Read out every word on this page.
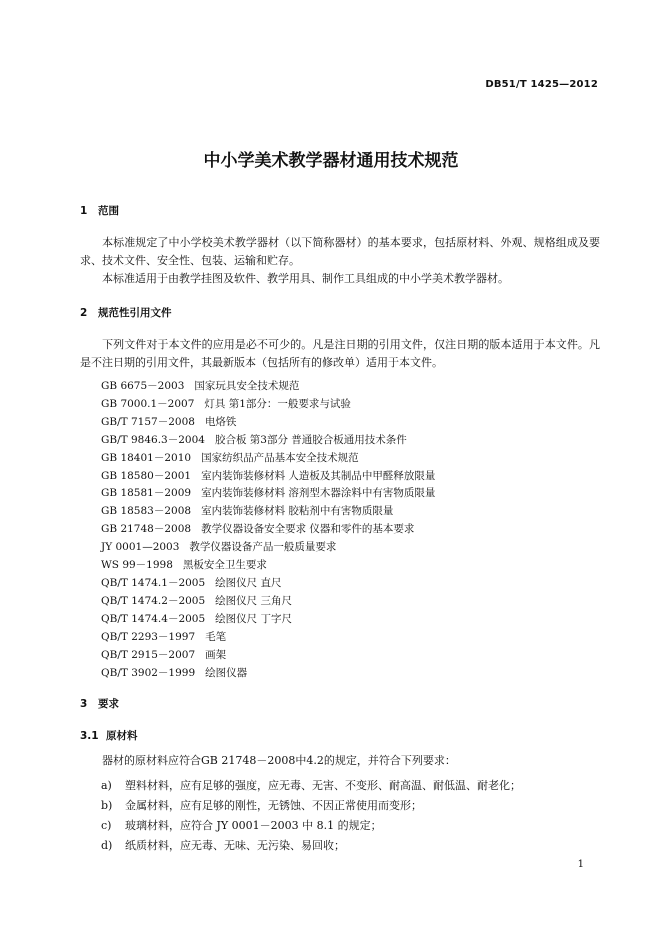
DB51/T 1425—2012
中小学美术教学器材通用技术规范
1 范围

本标准规定了中小学校美术教学器材（以下简称器材）的基本要求，包括原材料、外观、规格组成及要求、技术文件、安全性、包装、运输和贮存。

本标准适用于由教学挂图及软件、教学用具、制作工具组成的中小学美术教学器材。

2 规范性引用文件

下列文件对于本文件的应用是必不可少的。凡是注日期的引用文件，仅注日期的版本适用于本文件。凡是不注日期的引用文件，其最新版本（包括所有的修改单）适用于本文件。

GB 6675－2003 国家玩具安全技术规范
GB 7000.1－2007 灯具 第1部分：一般要求与试验
GB/T 7157－2008 电烙铁
GB/T 9846.3－2004 胶合板 第3部分 普通胶合板通用技术条件
GB 18401－2010 国家纺织品产品基本安全技术规范
GB 18580－2001 室内装饰装修材料 人造板及其制品中甲醛释放限量
GB 18581－2009 室内装饰装修材料 溶剂型木器涂料中有害物质限量
GB 18583－2008 室内装饰装修材料 胶粘剂中有害物质限量
GB 21748－2008 教学仪器设备安全要求 仪器和零件的基本要求
JY 0001—2003 教学仪器设备产品一般质量要求
WS 99－1998 黑板安全卫生要求
QB/T 1474.1－2005 绘图仪尺 直尺
QB/T 1474.2－2005 绘图仪尺 三角尺
QB/T 1474.4－2005 绘图仪尺 丁字尺
QB/T 2293－1997 毛笔
QB/T 2915－2007 画架
QB/T 3902－1999 绘图仪器
3 要求
3.1 原材料

器材的原材料应符合GB 21748－2008中4.2的规定，并符合下列要求：

a) 塑料材料，应有足够的强度，应无毒、无害、不变形、耐高温、耐低温、耐老化；
b) 金属材料，应有足够的刚性，无锈蚀、不因正常使用而变形；
c) 玻璃材料，应符合 JY 0001－2003 中 8.1 的规定；
d) 纸质材料，应无毒、无味、无污染、易回收；
1
